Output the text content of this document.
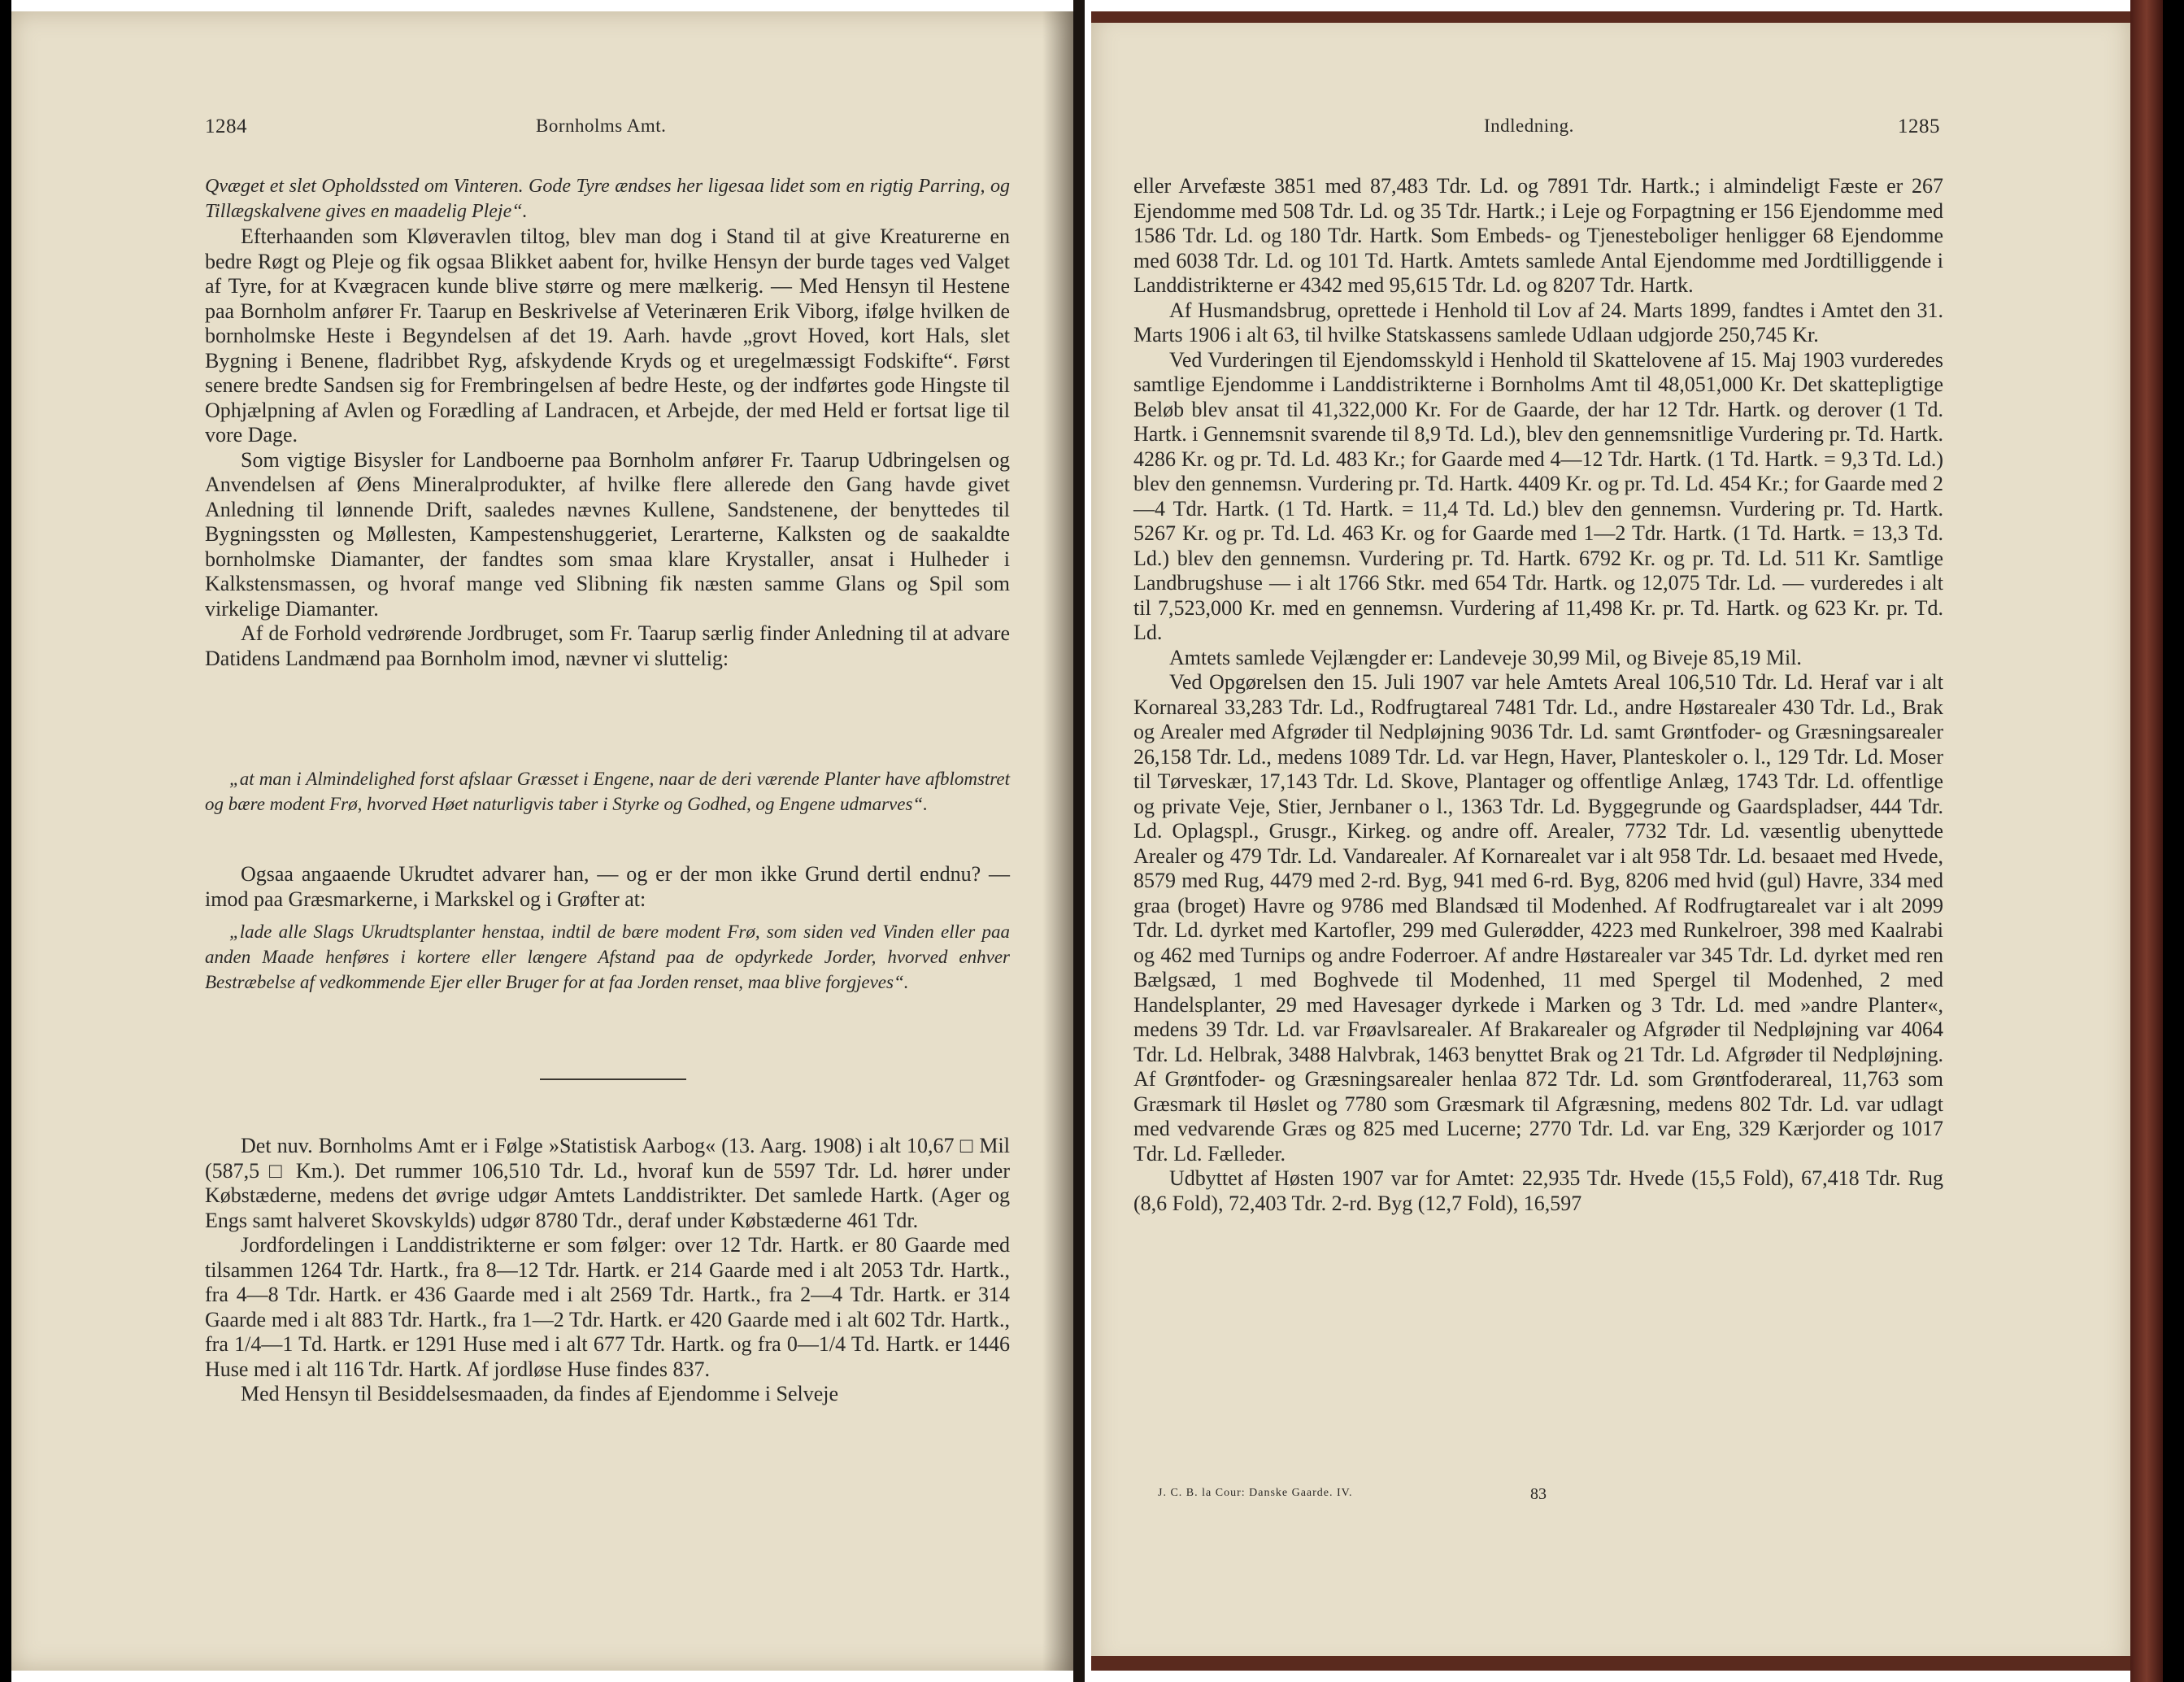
1284	Bornholms Amt.

Qvæget et slet Opholdssted om Vinteren. Gode Tyre ændses her ligesaa lidet som en rigtig Parring, og Tillægskalvene gives en maadelig Pleje“.

Efterhaanden som Kløveravlen tiltog, blev man dog i Stand til at give Kreaturerne en bedre Røgt og Pleje og fik ogsaa Blikket aabent for, hvilke Hensyn der burde tages ved Valget af Tyre, for at Kvægracen kunde blive større og mere mælkerig. — Med Hensyn til Hestene paa Bornholm anfører Fr. Taarup en Beskrivelse af Veterinæren Erik Viborg, ifølge hvilken de bornholmske Heste i Begyndelsen af det 19. Aarh. havde „grovt Hoved, kort Hals, slet Bygning i Benene, fladribbet Ryg, afskydende Kryds og et uregelmæssigt Fodskifte“. Først senere bredte Sandsen sig for Frembringelsen af bedre Heste, og der indførtes gode Hingste til Ophjælpning af Avlen og Forædling af Landracen, et Arbejde, der med Held er fortsat lige til vore Dage.

Som vigtige Bisysler for Landboerne paa Bornholm anfører Fr. Taarup Udbringelsen og Anvendelsen af Øens Mineralprodukter, af hvilke flere allerede den Gang havde givet Anledning til lønnende Drift, saaledes nævnes Kullene, Sandstenene, der benyttedes til Bygningssten og Møllesten, Kampestenshuggeriet, Lerarterne, Kalksten og de saakaldte bornholmske Diamanter, der fandtes som smaa klare Krystaller, ansat i Hulheder i Kalkstensmassen, og hvoraf mange ved Slibning fik næsten samme Glans og Spil som virkelige Diamanter.

Af de Forhold vedrørende Jordbruget, som Fr. Taarup særlig finder Anledning til at advare Datidens Landmænd paa Bornholm imod, nævner vi sluttelig:

„at man i Almindelighed forst afslaar Græsset i Engene, naar de deri værende Planter have afblomstret og bære modent Frø, hvorved Høet naturligvis taber i Styrke og Godhed, og Engene udmarves“.

Ogsaa angaaende Ukrudtet advarer han, — og er der mon ikke Grund dertil endnu? — imod paa Græsmarkerne, i Markskel og i Grøfter at:

„lade alle Slags Ukrudtsplanter henstaa, indtil de bære modent Frø, som siden ved Vinden eller paa anden Maade henføres i kortere eller længere Afstand paa de opdyrkede Jorder, hvorved enhver Bestræbelse af vedkommende Ejer eller Bruger for at faa Jorden renset, maa blive forgjeves“.

Det nuv. Bornholms Amt er i Følge »Statistisk Aarbog« (13. Aarg. 1908) i alt 10,67 □ Mil (587,5 □ Km.). Det rummer 106,510 Tdr. Ld., hvoraf kun de 5597 Tdr. Ld. hører under Købstæderne, medens det øvrige udgør Amtets Landdistrikter. Det samlede Hartk. (Ager og Engs samt halveret Skovskylds) udgør 8780 Tdr., deraf under Købstæderne 461 Tdr.

Jordfordelingen i Landdistrikterne er som følger: over 12 Tdr. Hartk. er 80 Gaarde med tilsammen 1264 Tdr. Hartk., fra 8—12 Tdr. Hartk. er 214 Gaarde med i alt 2053 Tdr. Hartk., fra 4—8 Tdr. Hartk. er 436 Gaarde med i alt 2569 Tdr. Hartk., fra 2—4 Tdr. Hartk. er 314 Gaarde med i alt 883 Tdr. Hartk., fra 1—2 Tdr. Hartk. er 420 Gaarde med i alt 602 Tdr. Hartk., fra 1/4—1 Td. Hartk. er 1291 Huse med i alt 677 Tdr. Hartk. og fra 0—1/4 Td. Hartk. er 1446 Huse med i alt 116 Tdr. Hartk. Af jordløse Huse findes 837.

Med Hensyn til Besiddelsesmaaden, da findes af Ejendomme i Selveje

Indledning.	1285

eller Arvefæste 3851 med 87,483 Tdr. Ld. og 7891 Tdr. Hartk.; i almindeligt Fæste er 267 Ejendomme med 508 Tdr. Ld. og 35 Tdr. Hartk.; i Leje og Forpagtning er 156 Ejendomme med 1586 Tdr. Ld. og 180 Tdr. Hartk. Som Embeds- og Tjenesteboliger henligger 68 Ejendomme med 6038 Tdr. Ld. og 101 Td. Hartk. Amtets samlede Antal Ejendomme med Jordtilliggende i Landdistrikterne er 4342 med 95,615 Tdr. Ld. og 8207 Tdr. Hartk.

Af Husmandsbrug, oprettede i Henhold til Lov af 24. Marts 1899, fandtes i Amtet den 31. Marts 1906 i alt 63, til hvilke Statskassens samlede Udlaan udgjorde 250,745 Kr.

Ved Vurderingen til Ejendomsskyld i Henhold til Skattelovene af 15. Maj 1903 vurderedes samtlige Ejendomme i Landdistrikterne i Bornholms Amt til 48,051,000 Kr. Det skattepligtige Beløb blev ansat til 41,322,000 Kr. For de Gaarde, der har 12 Tdr. Hartk. og derover (1 Td. Hartk. i Gennemsnit svarende til 8,9 Td. Ld.), blev den gennemsnitlige Vurdering pr. Td. Hartk. 4286 Kr. og pr. Td. Ld. 483 Kr.; for Gaarde med 4—12 Tdr. Hartk. (1 Td. Hartk. = 9,3 Td. Ld.) blev den gennemsn. Vurdering pr. Td. Hartk. 4409 Kr. og pr. Td. Ld. 454 Kr.; for Gaarde med 2—4 Tdr. Hartk. (1 Td. Hartk. = 11,4 Td. Ld.) blev den gennemsn. Vurdering pr. Td. Hartk. 5267 Kr. og pr. Td. Ld. 463 Kr. og for Gaarde med 1—2 Tdr. Hartk. (1 Td. Hartk. = 13,3 Td. Ld.) blev den gennemsn. Vurdering pr. Td. Hartk. 6792 Kr. og pr. Td. Ld. 511 Kr. Samtlige Landbrugshuse — i alt 1766 Stkr. med 654 Tdr. Hartk. og 12,075 Tdr. Ld. — vurderedes i alt til 7,523,000 Kr. med en gennemsn. Vurdering af 11,498 Kr. pr. Td. Hartk. og 623 Kr. pr. Td. Ld.

Amtets samlede Vejlængder er: Landeveje 30,99 Mil, og Biveje 85,19 Mil.

Ved Opgørelsen den 15. Juli 1907 var hele Amtets Areal 106,510 Tdr. Ld. Heraf var i alt Kornareal 33,283 Tdr. Ld., Rodfrugtareal 7481 Tdr. Ld., andre Høstarealer 430 Tdr. Ld., Brak og Arealer med Afgrøder til Nedpløjning 9036 Tdr. Ld. samt Grøntfoder- og Græsningsarealer 26,158 Tdr. Ld., medens 1089 Tdr. Ld. var Hegn, Haver, Planteskoler o. l., 129 Tdr. Ld. Moser til Tørveskær, 17,143 Tdr. Ld. Skove, Plantager og offentlige Anlæg, 1743 Tdr. Ld. offentlige og private Veje, Stier, Jernbaner o l., 1363 Tdr. Ld. Byggegrunde og Gaardspladser, 444 Tdr. Ld. Oplagspl., Grusgr., Kirkeg. og andre off. Arealer, 7732 Tdr. Ld. væsentlig ubenyttede Arealer og 479 Tdr. Ld. Vandarealer. Af Kornarealet var i alt 958 Tdr. Ld. besaaet med Hvede, 8579 med Rug, 4479 med 2-rd. Byg, 941 med 6-rd. Byg, 8206 med hvid (gul) Havre, 334 med graa (broget) Havre og 9786 med Blandsæd til Modenhed. Af Rodfrugtarealet var i alt 2099 Tdr. Ld. dyrket med Kartofler, 299 med Gulerødder, 4223 med Runkelroer, 398 med Kaalrabi og 462 med Turnips og andre Foderroer. Af andre Høstarealer var 345 Tdr. Ld. dyrket med ren Bælgsæd, 1 med Boghvede til Modenhed, 11 med Spergel til Modenhed, 2 med Handelsplanter, 29 med Havesager dyrkede i Marken og 3 Tdr. Ld. med »andre Planter«, medens 39 Tdr. Ld. var Frøavlsarealer. Af Brakarealer og Afgrøder til Nedpløjning var 4064 Tdr. Ld. Helbrak, 3488 Halvbrak, 1463 benyttet Brak og 21 Tdr. Ld. Afgrøder til Nedpløjning. Af Grøntfoder- og Græsningsarealer henlaa 872 Tdr. Ld. som Grøntfoderareal, 11,763 som Græsmark til Høslet og 7780 som Græsmark til Afgræsning, medens 802 Tdr. Ld. var udlagt med vedvarende Græs og 825 med Lucerne; 2770 Tdr. Ld. var Eng, 329 Kærjorder og 1017 Tdr. Ld. Fælleder.

Udbyttet af Høsten 1907 var for Amtet: 22,935 Tdr. Hvede (15,5 Fold), 67,418 Tdr. Rug (8,6 Fold), 72,403 Tdr. 2-rd. Byg (12,7 Fold), 16,597

J. C. B. la Cour: Danske Gaarde. IV.	83
